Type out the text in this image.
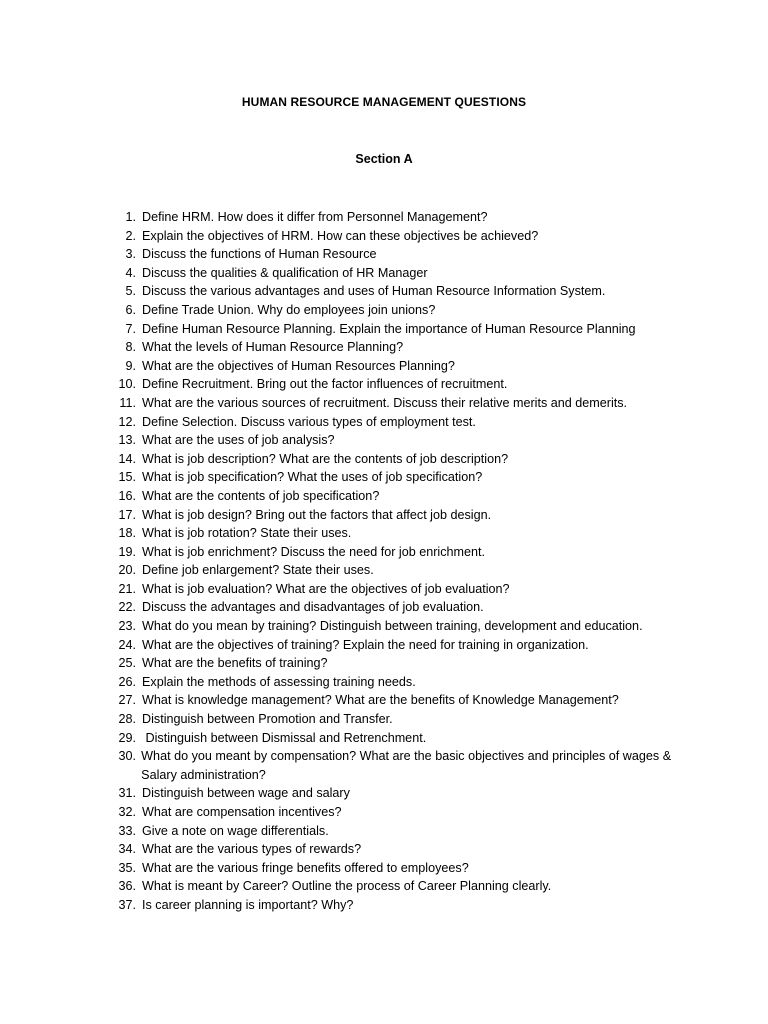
HUMAN RESOURCE MANAGEMENT QUESTIONS
Section A
1. Define HRM. How does it differ from Personnel Management?
2. Explain the objectives of HRM. How can these objectives be achieved?
3. Discuss the functions of Human Resource
4. Discuss the qualities & qualification of HR Manager
5. Discuss the various advantages and uses of Human Resource Information System.
6. Define Trade Union. Why do employees join unions?
7. Define Human Resource Planning. Explain the importance of Human Resource Planning
8. What the levels of Human Resource Planning?
9. What are the objectives of Human Resources Planning?
10. Define Recruitment. Bring out the factor influences of recruitment.
11. What are the various sources of recruitment. Discuss their relative merits and demerits.
12. Define Selection. Discuss various types of employment test.
13. What are the uses of job analysis?
14. What is job description? What are the contents of job description?
15. What is job specification? What the uses of job specification?
16. What are the contents of job specification?
17. What is job design? Bring out the factors that affect job design.
18. What is job rotation? State their uses.
19. What is job enrichment? Discuss the need for job enrichment.
20. Define job enlargement? State their uses.
21. What is job evaluation? What are the objectives of job evaluation?
22. Discuss the advantages and disadvantages of job evaluation.
23. What do you mean by training? Distinguish between training, development and education.
24. What are the objectives of training? Explain the need for training in organization.
25. What are the benefits of training?
26. Explain the methods of assessing training needs.
27. What is knowledge management? What are the benefits of Knowledge Management?
28. Distinguish between Promotion and Transfer.
29. Distinguish between Dismissal and Retrenchment.
30. What do you meant by compensation? What are the basic objectives and principles of wages & Salary administration?
31. Distinguish between wage and salary
32. What are compensation incentives?
33. Give a note on wage differentials.
34. What are the various types of rewards?
35. What are the various fringe benefits offered to employees?
36. What is meant by Career? Outline the process of Career Planning clearly.
37. Is career planning is important? Why?
